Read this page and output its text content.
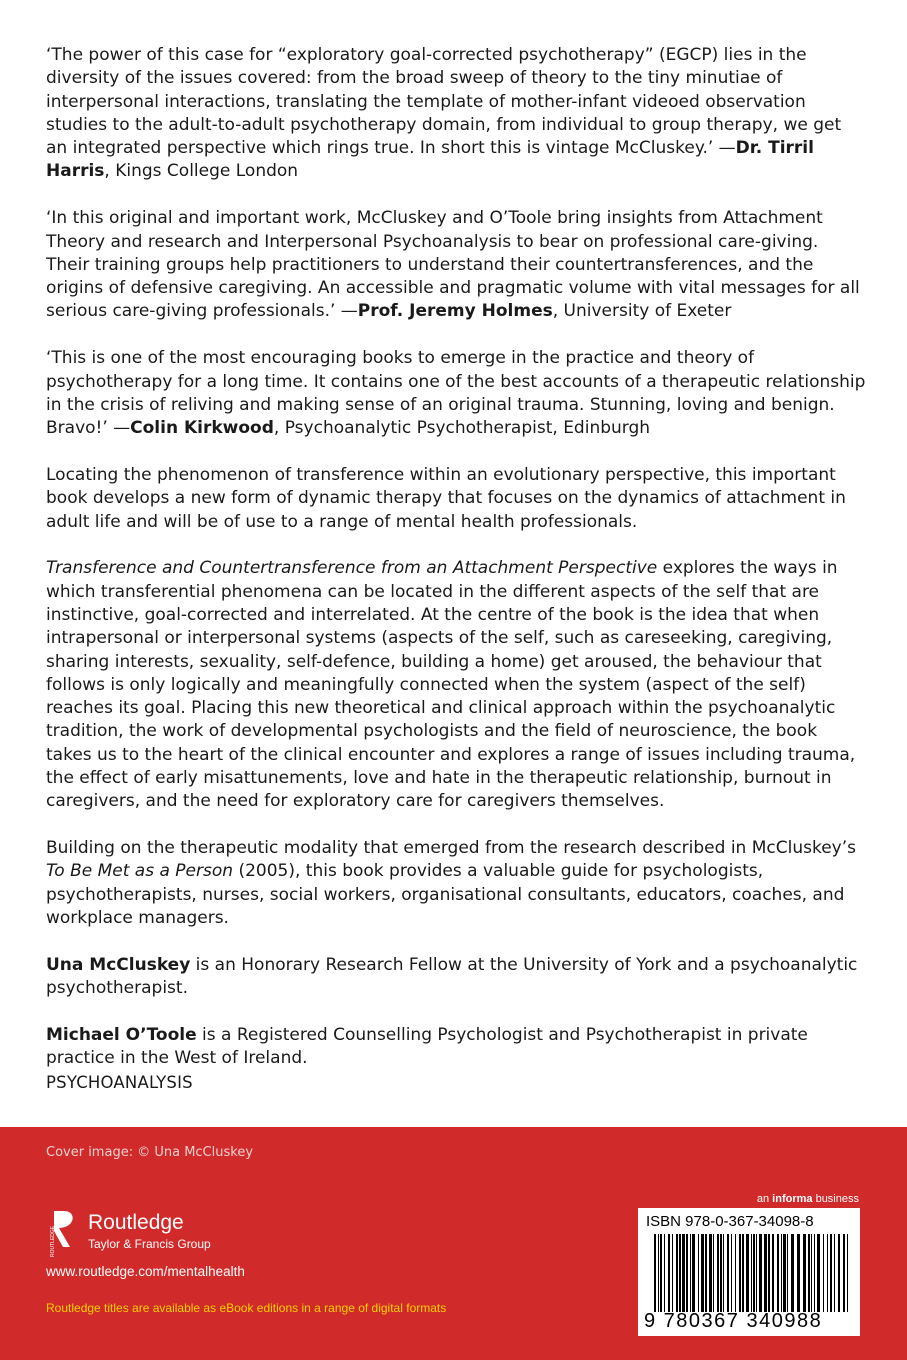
‘The power of this case for “exploratory goal-corrected psychotherapy” (EGCP) lies in the diversity of the issues covered: from the broad sweep of theory to the tiny minutiae of interpersonal interactions, translating the template of mother-infant videoed observation studies to the adult-to-adult psychotherapy domain, from individual to group therapy, we get an integrated perspective which rings true. In short this is vintage McCluskey.’ —Dr. Tirril Harris, Kings College London

‘In this original and important work, McCluskey and O’Toole bring insights from Attachment Theory and research and Interpersonal Psychoanalysis to bear on professional care-giving. Their training groups help practitioners to understand their countertransferences, and the origins of defensive caregiving. An accessible and pragmatic volume with vital messages for all serious care-giving professionals.’ —Prof. Jeremy Holmes, University of Exeter

‘This is one of the most encouraging books to emerge in the practice and theory of psychotherapy for a long time. It contains one of the best accounts of a therapeutic relationship in the crisis of reliving and making sense of an original trauma. Stunning, loving and benign. Bravo!’ —Colin Kirkwood, Psychoanalytic Psychotherapist, Edinburgh

Locating the phenomenon of transference within an evolutionary perspective, this important book develops a new form of dynamic therapy that focuses on the dynamics of attachment in adult life and will be of use to a range of mental health professionals.

Transference and Countertransference from an Attachment Perspective explores the ways in which transferential phenomena can be located in the different aspects of the self that are instinctive, goal-corrected and interrelated. At the centre of the book is the idea that when intrapersonal or interpersonal systems (aspects of the self, such as careseeking, caregiving, sharing interests, sexuality, self-defence, building a home) get aroused, the behaviour that follows is only logically and meaningfully connected when the system (aspect of the self) reaches its goal. Placing this new theoretical and clinical approach within the psychoanalytic tradition, the work of developmental psychologists and the field of neuroscience, the book takes us to the heart of the clinical encounter and explores a range of issues including trauma, the effect of early misattunements, love and hate in the therapeutic relationship, burnout in caregivers, and the need for exploratory care for caregivers themselves.

Building on the therapeutic modality that emerged from the research described in McCluskey’s To Be Met as a Person (2005), this book provides a valuable guide for psychologists, psychotherapists, nurses, social workers, organisational consultants, educators, coaches, and workplace managers.

Una McCluskey is an Honorary Research Fellow at the University of York and a psychoanalytic psychotherapist.

Michael O’Toole is a Registered Counselling Psychologist and Psychotherapist in private practice in the West of Ireland.

PSYCHOANALYSIS
Cover image: © Una McCluskey
ROUTLEDGE
Routledge
Taylor & Francis Group
www.routledge.com/mentalhealth
Routledge titles are available as eBook editions in a range of digital formats
an informa business
ISBN 978-0-367-34098-8
9 780367 340988
